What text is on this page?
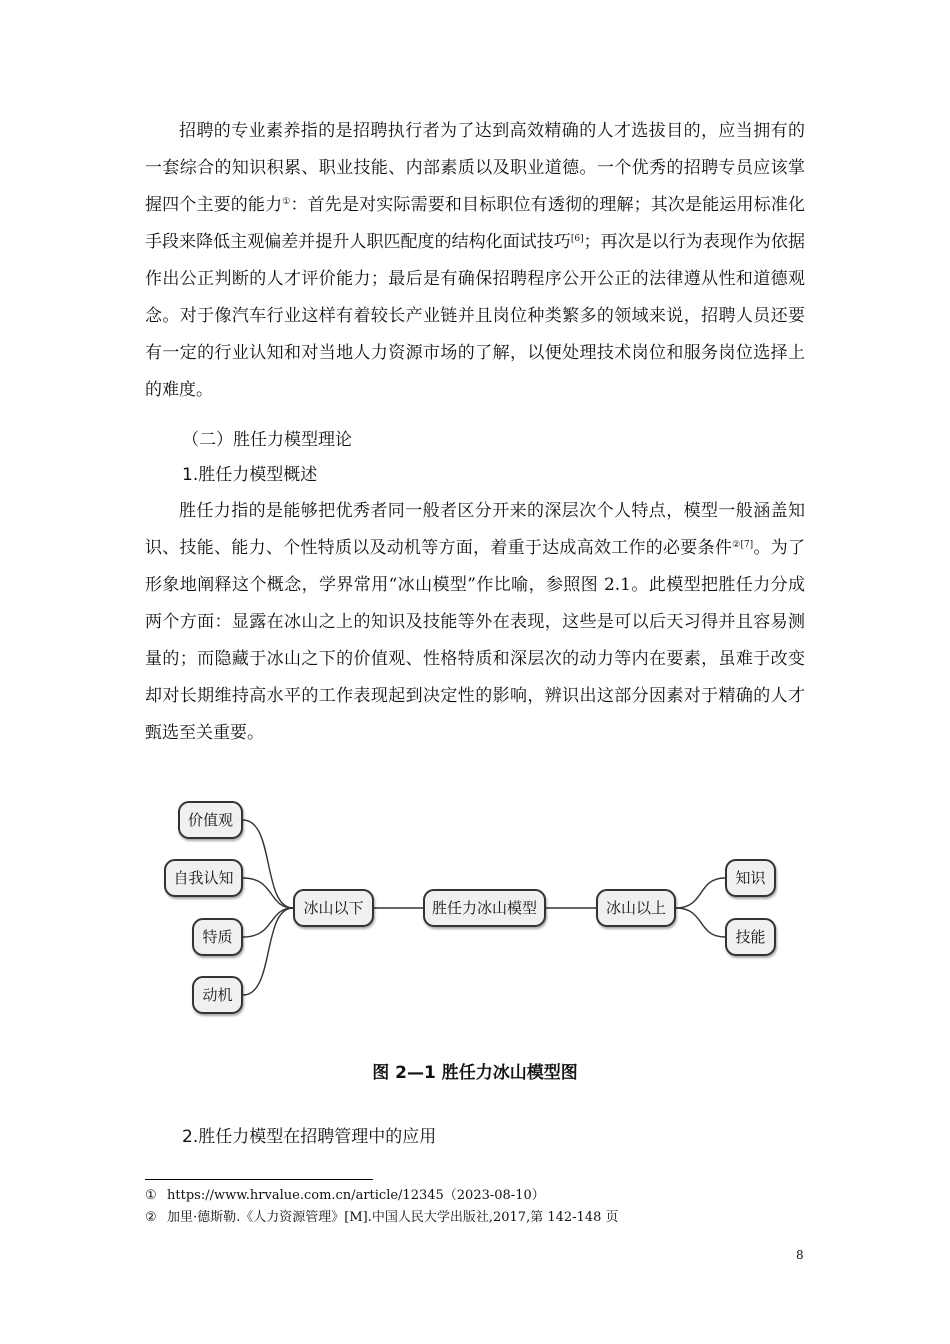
招聘的专业素养指的是招聘执行者为了达到高效精确的人才选拔目的，应当拥有的一套综合的知识积累、职业技能、内部素质以及职业道德。一个优秀的招聘专员应该掌握四个主要的能力①：首先是对实际需要和目标职位有透彻的理解；其次是能运用标准化手段来降低主观偏差并提升人职匹配度的结构化面试技巧[6]；再次是以行为表现作为依据作出公正判断的人才评价能力；最后是有确保招聘程序公开公正的法律遵从性和道德观念。对于像汽车行业这样有着较长产业链并且岗位种类繁多的领域来说，招聘人员还要有一定的行业认知和对当地人力资源市场的了解，以便处理技术岗位和服务岗位选择上的难度。

（二）胜任力模型理论
1.胜任力模型概述

胜任力指的是能够把优秀者同一般者区分开来的深层次个人特点，模型一般涵盖知识、技能、能力、个性特质以及动机等方面，着重于达成高效工作的必要条件$^{②[7]}$。为了形象地阐释这个概念，学界常用“冰山模型”作比喻，参照图 2.1。此模型把胜任力分成两个方面：显露在冰山之上的知识及技能等外在表现，这些是可以后天习得并且容易测量的；而隐藏于冰山之下的价值观、性格特质和深层次的动力等内在要素，虽难于改变却对长期维持高水平的工作表现起到决定性的影响，辨识出这部分因素对于精确的人才甄选至关重要。

价值观
自我认知
特质
动机
冰山以下	胜任力冰山模型	冰山以上
知识
技能
图 2—1 胜任力冰山模型图
2.胜任力模型在招聘管理中的应用
① https://www.hrvalue.com.cn/article/12345（2023-08-10）
② 加里·德斯勒.《人力资源管理》[M].中国人民大学出版社,2017,第 142-148 页
8
